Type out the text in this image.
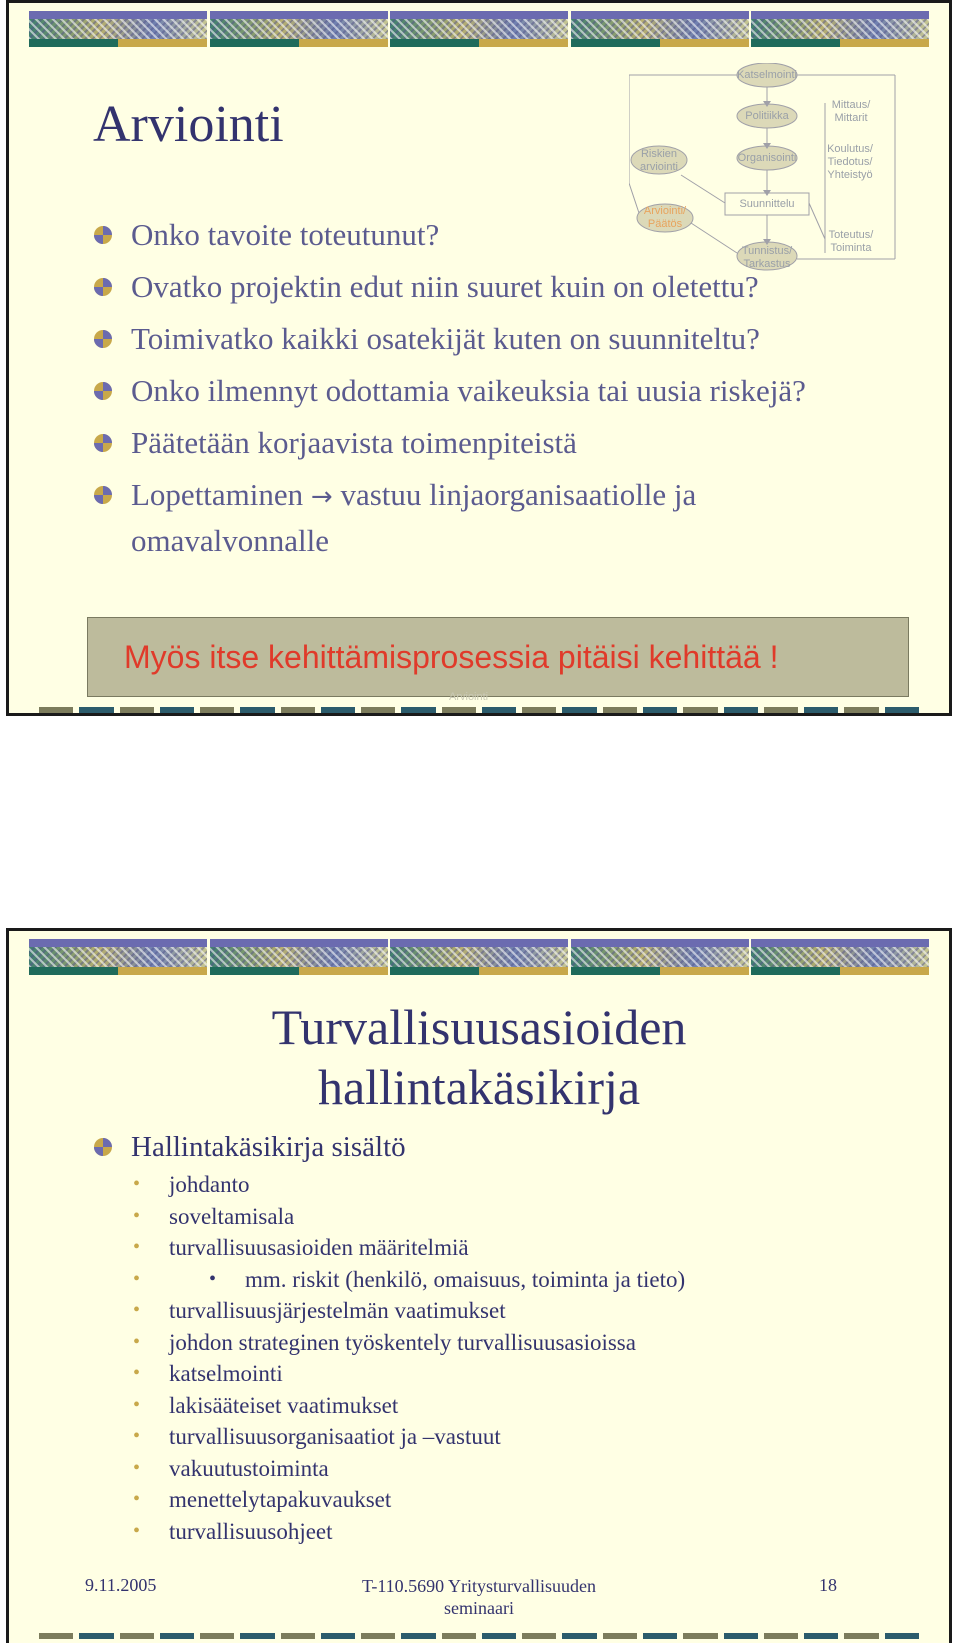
Arviointi
Katselmointi
Politiikka
Organisointi
Suunnittelu
Riskien
arviointi
Arviointi/
Päätös
Tunnistus/
Tarkastus
Mittaus/
Mittarit
Koulutus/
Tiedotus/
Yhteistyö
Toteutus/
Toiminta
Onko tavoite toteutunut?
Ovatko projektin edut niin suuret kuin on oletettu?
Toimivatko kaikki osatekijät kuten on suunniteltu?
Onko ilmennyt odottamia vaikeuksia tai uusia riskejä?
Päätetään korjaavista toimenpiteistä
Lopettaminen → vastuu linjaorganisaatiolle ja omavalvonnalle
Myös itse kehittämisprosessia pitäisi kehittää !
Arviointi
Turvallisuusasioiden
hallintakäsikirja
Hallintakäsikirja sisältö
• johdanto
• soveltamisala
• turvallisuusasioiden määritelmiä
• • mm. riskit (henkilö, omaisuus, toiminta ja tieto)
• turvallisuusjärjestelmän vaatimukset
• johdon strateginen työskentely turvallisuusasioissa
• katselmointi
• lakisääteiset vaatimukset
• turvallisuusorganisaatiot ja –vastuut
• vakuutustoiminta
• menettelytapakuvaukset
• turvallisuusohjeet
9.11.2005	T-110.5690 Yritysturvallisuuden
seminaari
18
